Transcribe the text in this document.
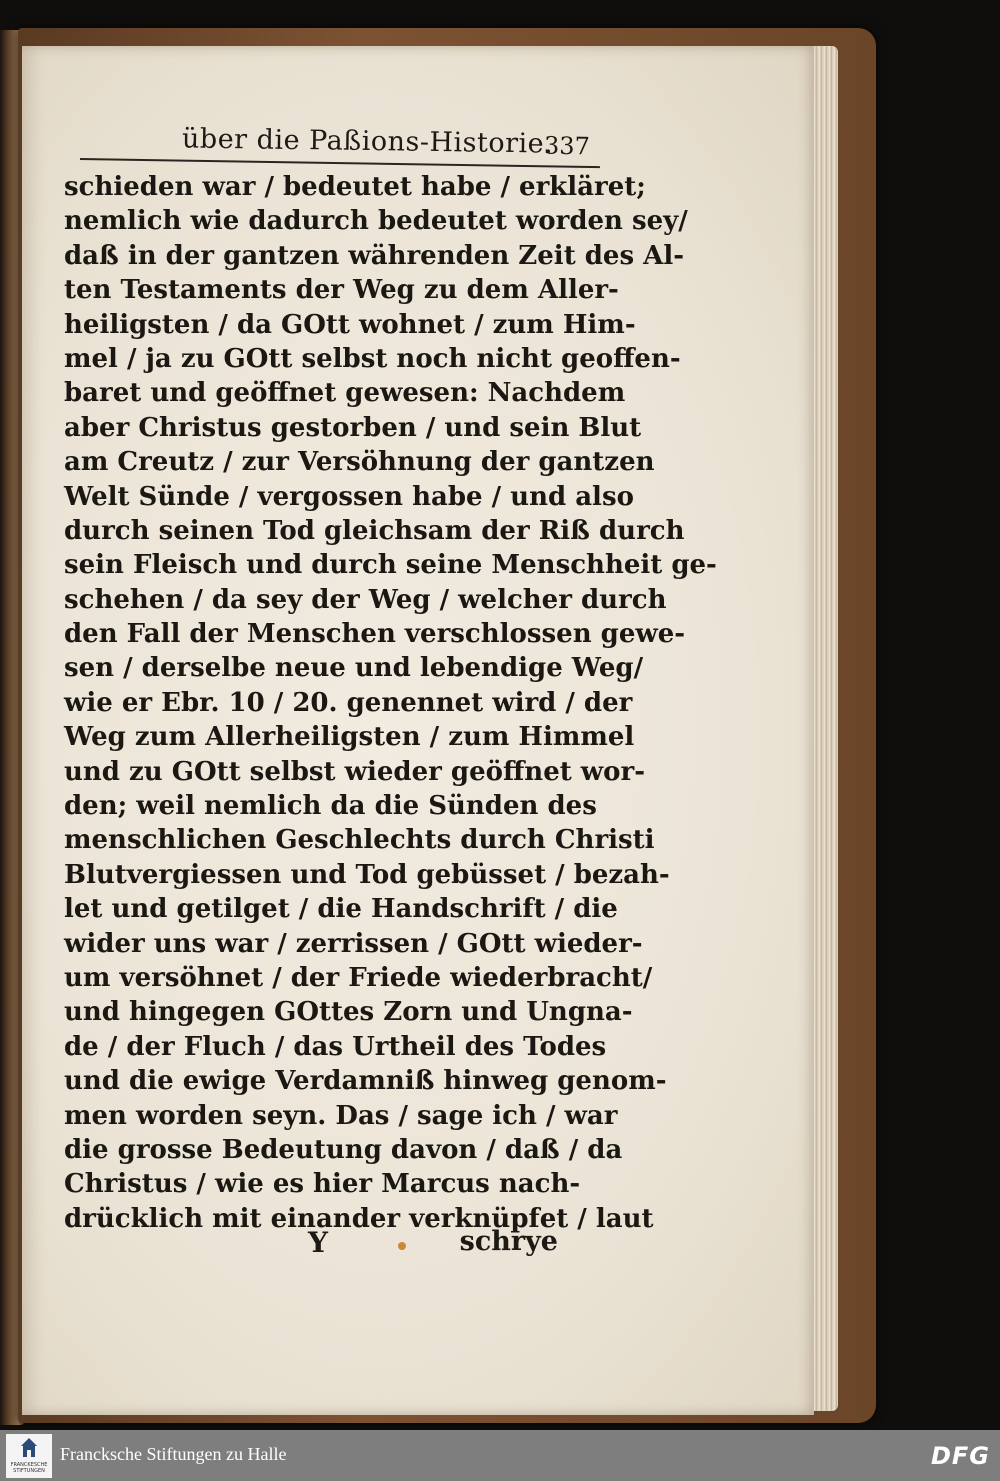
über die Paßions-Historie.
337
schieden war / bedeutet habe / erkläret;
nemlich wie dadurch bedeutet worden sey/
daß in der gantzen währenden Zeit des Al-
ten Testaments der Weg zu dem Aller-
heiligsten / da GOtt wohnet / zum Him-
mel / ja zu GOtt selbst noch nicht geoffen-
baret und geöffnet gewesen: Nachdem
aber Christus gestorben / und sein Blut
am Creutz / zur Versöhnung der gantzen
Welt Sünde / vergossen habe / und also
durch seinen Tod gleichsam der Riß durch
sein Fleisch und durch seine Menschheit ge-
schehen / da sey der Weg / welcher durch
den Fall der Menschen verschlossen gewe-
sen / derselbe neue und lebendige Weg/
wie er Ebr. 10 / 20. genennet wird / der
Weg zum Allerheiligsten / zum Himmel
und zu GOtt selbst wieder geöffnet wor-
den; weil nemlich da die Sünden des
menschlichen Geschlechts durch Christi
Blutvergiessen und Tod gebüsset / bezah-
let und getilget / die Handschrift / die
wider uns war / zerrissen / GOtt wieder-
um versöhnet / der Friede wiederbracht/
und hingegen GOttes Zorn und Ungna-
de / der Fluch / das Urtheil des Todes
und die ewige Verdamniß hinweg genom-
men worden seyn. Das / sage ich / war
die grosse Bedeutung davon / daß / da
Christus / wie es hier Marcus nach-
drücklich mit einander verknüpfet / laut
Y	schrye
FRANCKESCHE STIFTUNGEN
Francksche Stiftungen zu Halle	DFG
